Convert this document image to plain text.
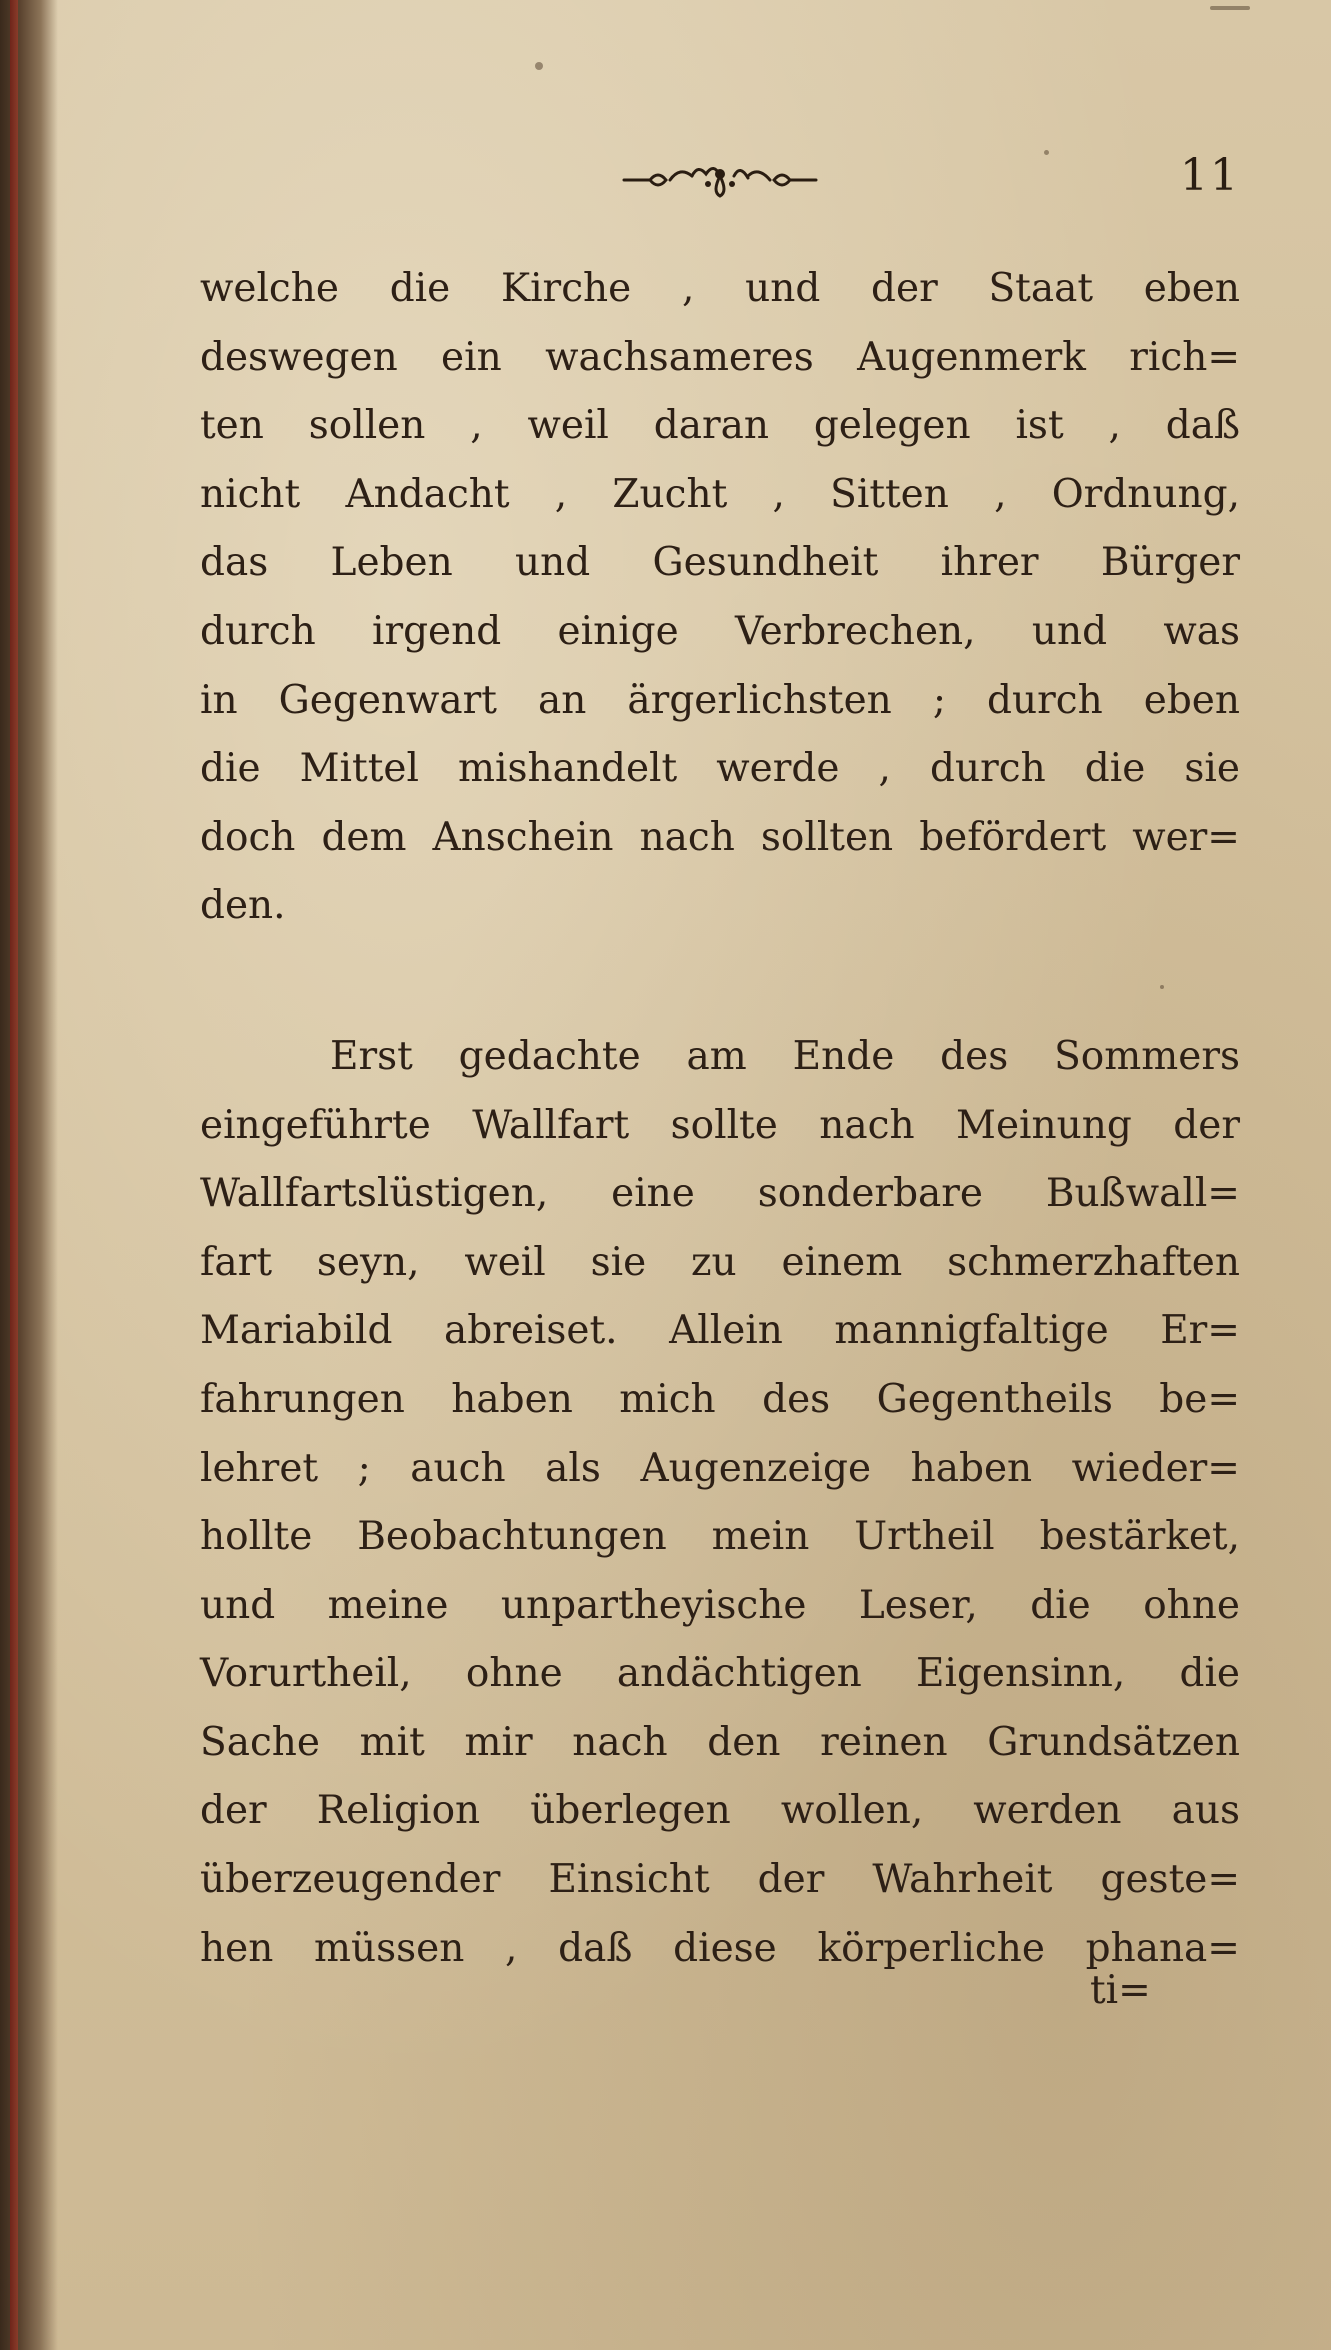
11
welche die Kirche , und der Staat eben
deswegen ein wachsameres Augenmerk rich=
ten sollen , weil daran gelegen ist , daß
nicht Andacht , Zucht , Sitten , Ordnung,
das Leben und Gesundheit ihrer Bürger
durch irgend einige Verbrechen, und was
in Gegenwart an ärgerlichsten ; durch eben
die Mittel mishandelt werde , durch die sie
doch dem Anschein nach sollten befördert wer=
den.
Erst gedachte am Ende des Sommers
eingeführte Wallfart sollte nach Meinung der
Wallfartslüstigen, eine sonderbare Bußwall=
fart seyn, weil sie zu einem schmerzhaften
Mariabild abreiset. Allein mannigfaltige Er=
fahrungen haben mich des Gegentheils be=
lehret ; auch als Augenzeige haben wieder=
hollte Beobachtungen mein Urtheil bestärket,
und meine unpartheyische Leser, die ohne
Vorurtheil, ohne andächtigen Eigensinn, die
Sache mit mir nach den reinen Grundsätzen
der Religion überlegen wollen, werden aus
überzeugender Einsicht der Wahrheit geste=
hen müssen , daß diese körperliche phana=
ti=
